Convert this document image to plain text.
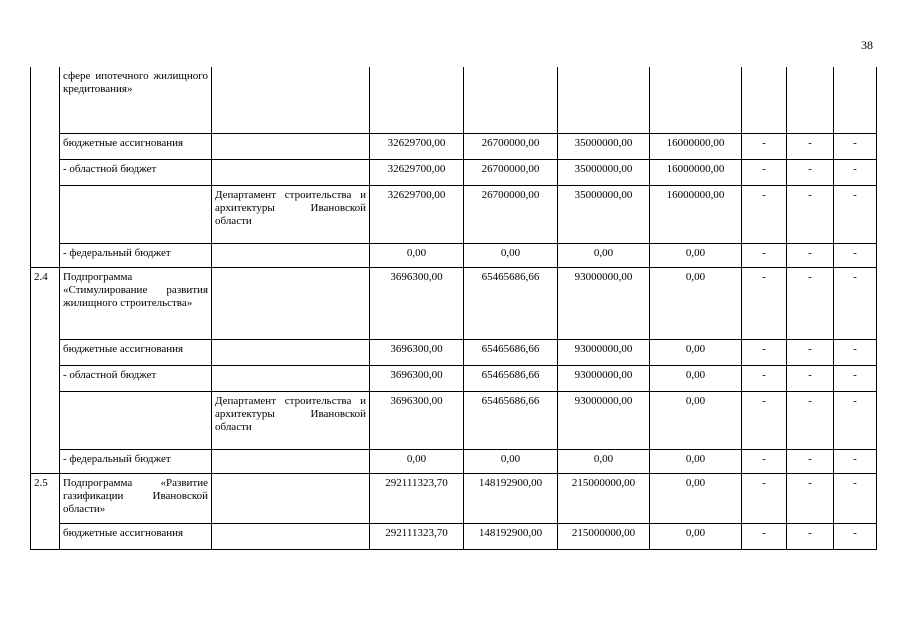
38
	сфере ипотечного жилищного кредитования»								
	бюджетные ассигнования		32629700,00	26700000,00	35000000,00	16000000,00	-	-	-
	- областной бюджет		32629700,00	26700000,00	35000000,00	16000000,00	-	-	-
		Департамент строительства и архитектуры Ивановской области	32629700,00	26700000,00	35000000,00	16000000,00	-	-	-
	- федеральный бюджет		0,00	0,00	0,00	0,00	-	-	-
2.4	Подпрограмма «Стимулирование развития жилищного строительства»		3696300,00	65465686,66	93000000,00	0,00	-	-	-
	бюджетные ассигнования		3696300,00	65465686,66	93000000,00	0,00	-	-	-
	- областной бюджет		3696300,00	65465686,66	93000000,00	0,00	-	-	-
		Департамент строительства и архитектуры Ивановской области	3696300,00	65465686,66	93000000,00	0,00	-	-	-
	- федеральный бюджет		0,00	0,00	0,00	0,00	-	-	-
2.5	Подпрограмма «Развитие газификации Ивановской области»		292111323,70	148192900,00	215000000,00	0,00	-	-	-
	бюджетные ассигнования		292111323,70	148192900,00	215000000,00	0,00	-	-	-
